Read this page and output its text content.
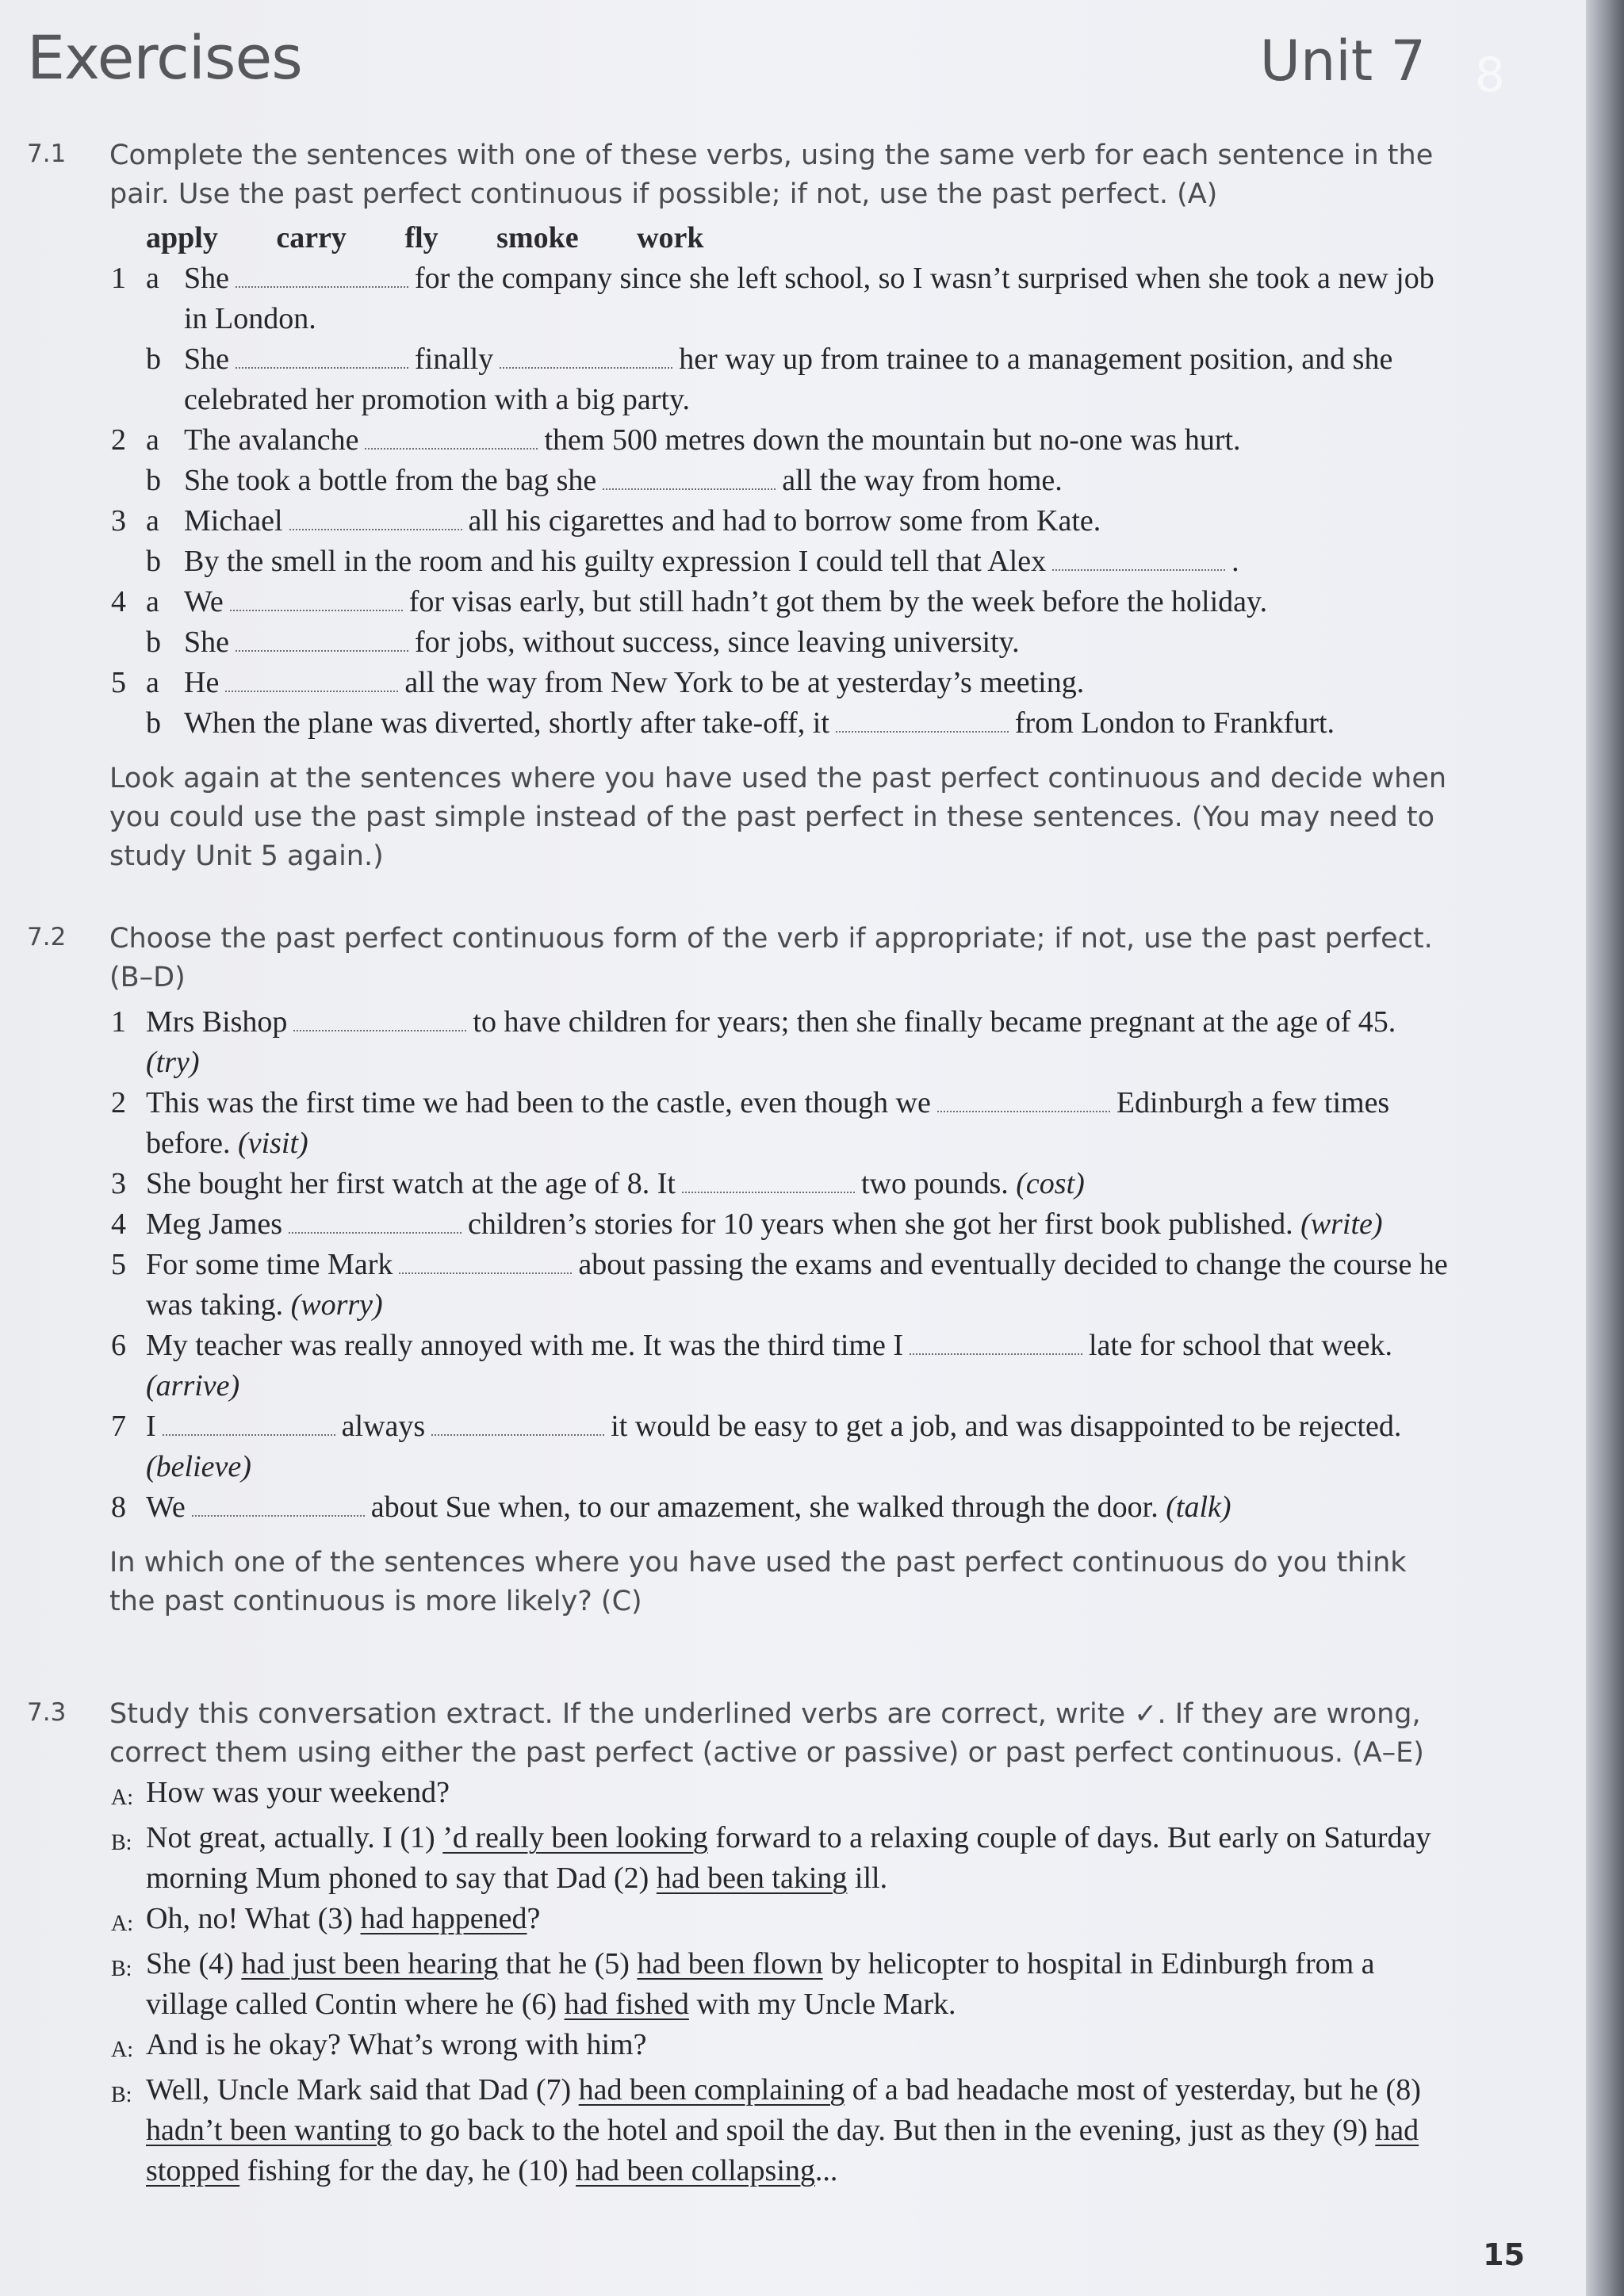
Exercises	8
Unit 7
7.1 Complete the sentences with one of these verbs, using the same verb for each sentence in the pair. Use the past perfect continuous if possible; if not, use the past perfect. (A)
apply carry fly smoke work
1 a She	for the company since she left school, so I wasn’t surprised when she took a new job in London.
b She	finally	her way up from trainee to a management position, and she celebrated her promotion with a big party.
2 a The avalanche	them 500 metres down the mountain but no-one was hurt.
b She took a bottle from the bag she	all the way from home.
3 a Michael	all his cigarettes and had to borrow some from Kate.
b By the smell in the room and his guilty expression I could tell that Alex	.
4 a We	for visas early, but still hadn’t got them by the week before the holiday.
b She	for jobs, without success, since leaving university.
5 a He	all the way from New York to be at yesterday’s meeting.
b When the plane was diverted, shortly after take-off, it	from London to Frankfurt.
Look again at the sentences where you have used the past perfect continuous and decide when you could use the past simple instead of the past perfect in these sentences. (You may need to study Unit 5 again.)
7.2 Choose the past perfect continuous form of the verb if appropriate; if not, use the past perfect. (B–D)
1 Mrs Bishop	to have children for years; then she finally became pregnant at the age of 45. (try)
2 This was the first time we had been to the castle, even though we	Edinburgh a few times before. (visit)
3 She bought her first watch at the age of 8. It	two pounds. (cost)
4 Meg James	children’s stories for 10 years when she got her first book published. (write)
5 For some time Mark	about passing the exams and eventually decided to change the course he was taking. (worry)
6 My teacher was really annoyed with me. It was the third time I	late for school that week. (arrive)
7 I	always	it would be easy to get a job, and was disappointed to be rejected. (believe)
8 We	about Sue when, to our amazement, she walked through the door. (talk)
In which one of the sentences where you have used the past perfect continuous do you think the past continuous is more likely? (C)
7.3 Study this conversation extract. If the underlined verbs are correct, write ✓. If they are wrong, correct them using either the past perfect (active or passive) or past perfect continuous. (A–E)
A: How was your weekend?
B: Not great, actually. I (1) ’d really been looking forward to a relaxing couple of days. But early on Saturday morning Mum phoned to say that Dad (2) had been taking ill.
A: Oh, no! What (3) had happened?
B: She (4) had just been hearing that he (5) had been flown by helicopter to hospital in Edinburgh from a village called Contin where he (6) had fished with my Uncle Mark.
A: And is he okay? What’s wrong with him?
B: Well, Uncle Mark said that Dad (7) had been complaining of a bad headache most of yesterday, but he (8) hadn’t been wanting to go back to the hotel and spoil the day. But then in the evening, just as they (9) had stopped fishing for the day, he (10) had been collapsing...
15
